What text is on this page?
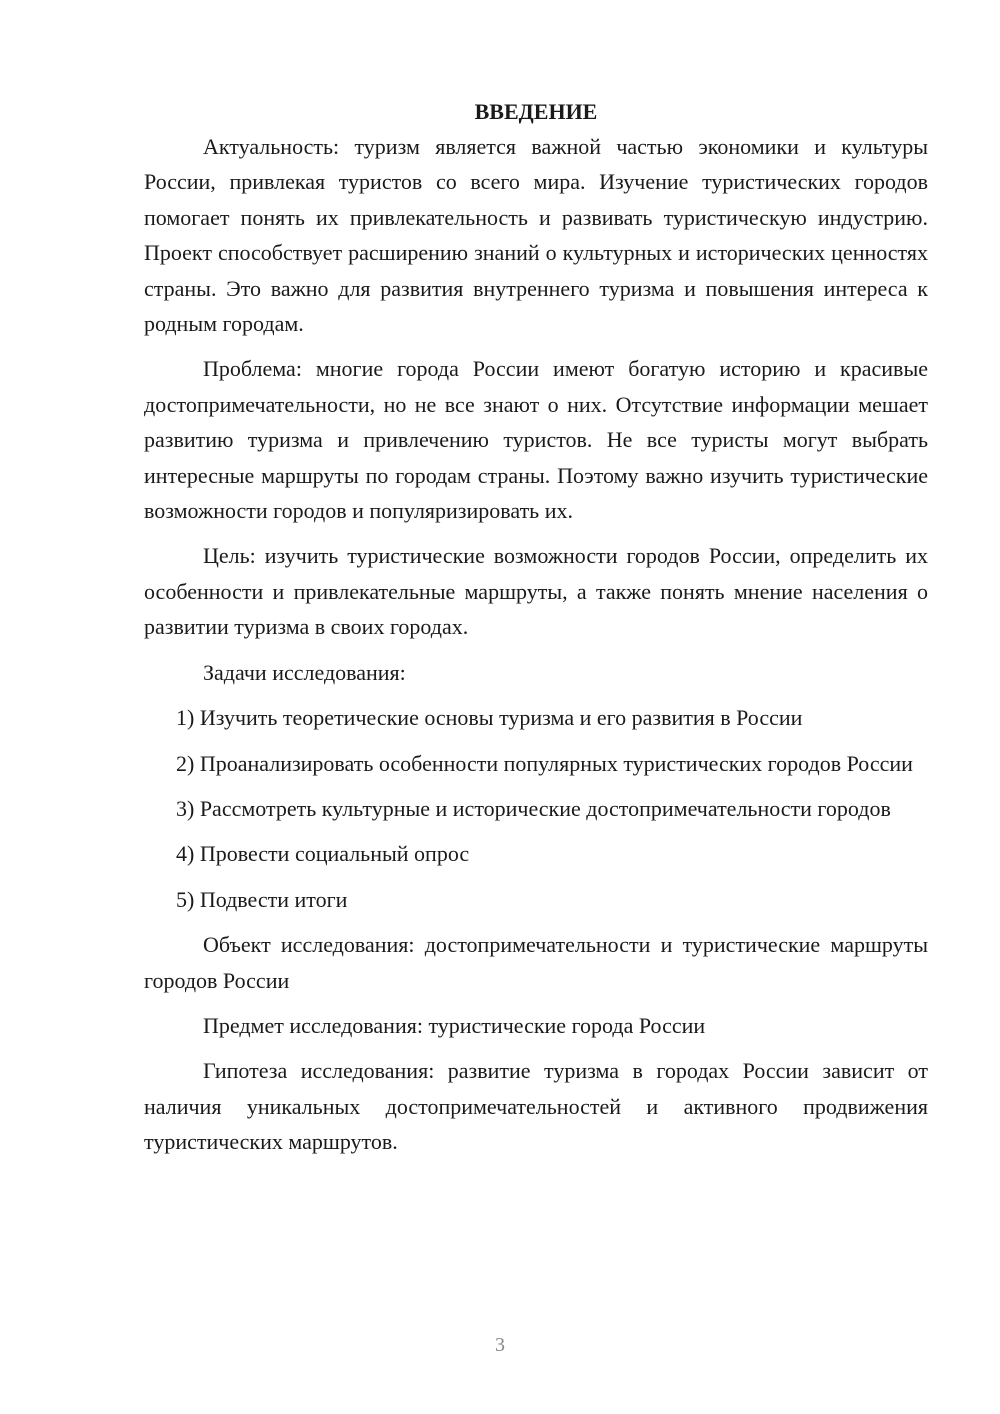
ВВЕДЕНИЕ

Актуальность: туризм является важной частью экономики и культуры России, привлекая туристов со всего мира. Изучение туристических городов помогает понять их привлекательность и развивать туристическую индустрию. Проект способствует расширению знаний о культурных и исторических ценностях страны. Это важно для развития внутреннего туризма и повышения интереса к родным городам.

Проблема: многие города России имеют богатую историю и красивые достопримечательности, но не все знают о них. Отсутствие информации мешает развитию туризма и привлечению туристов. Не все туристы могут выбрать интересные маршруты по городам страны. Поэтому важно изучить туристические возможности городов и популяризировать их.

Цель: изучить туристические возможности городов России, определить их особенности и привлекательные маршруты, а также понять мнение населения о развитии туризма в своих городах.

Задачи исследования:

1) Изучить теоретические основы туризма и его развития в России

2) Проанализировать особенности популярных туристических городов России

3) Рассмотреть культурные и исторические достопримечательности городов

4) Провести социальный опрос

5) Подвести итоги

Объект исследования: достопримечательности и туристические маршруты городов России

Предмет исследования: туристические города России

Гипотеза исследования: развитие туризма в городах России зависит от наличия уникальных достопримечательностей и активного продвижения туристических маршрутов.

3
